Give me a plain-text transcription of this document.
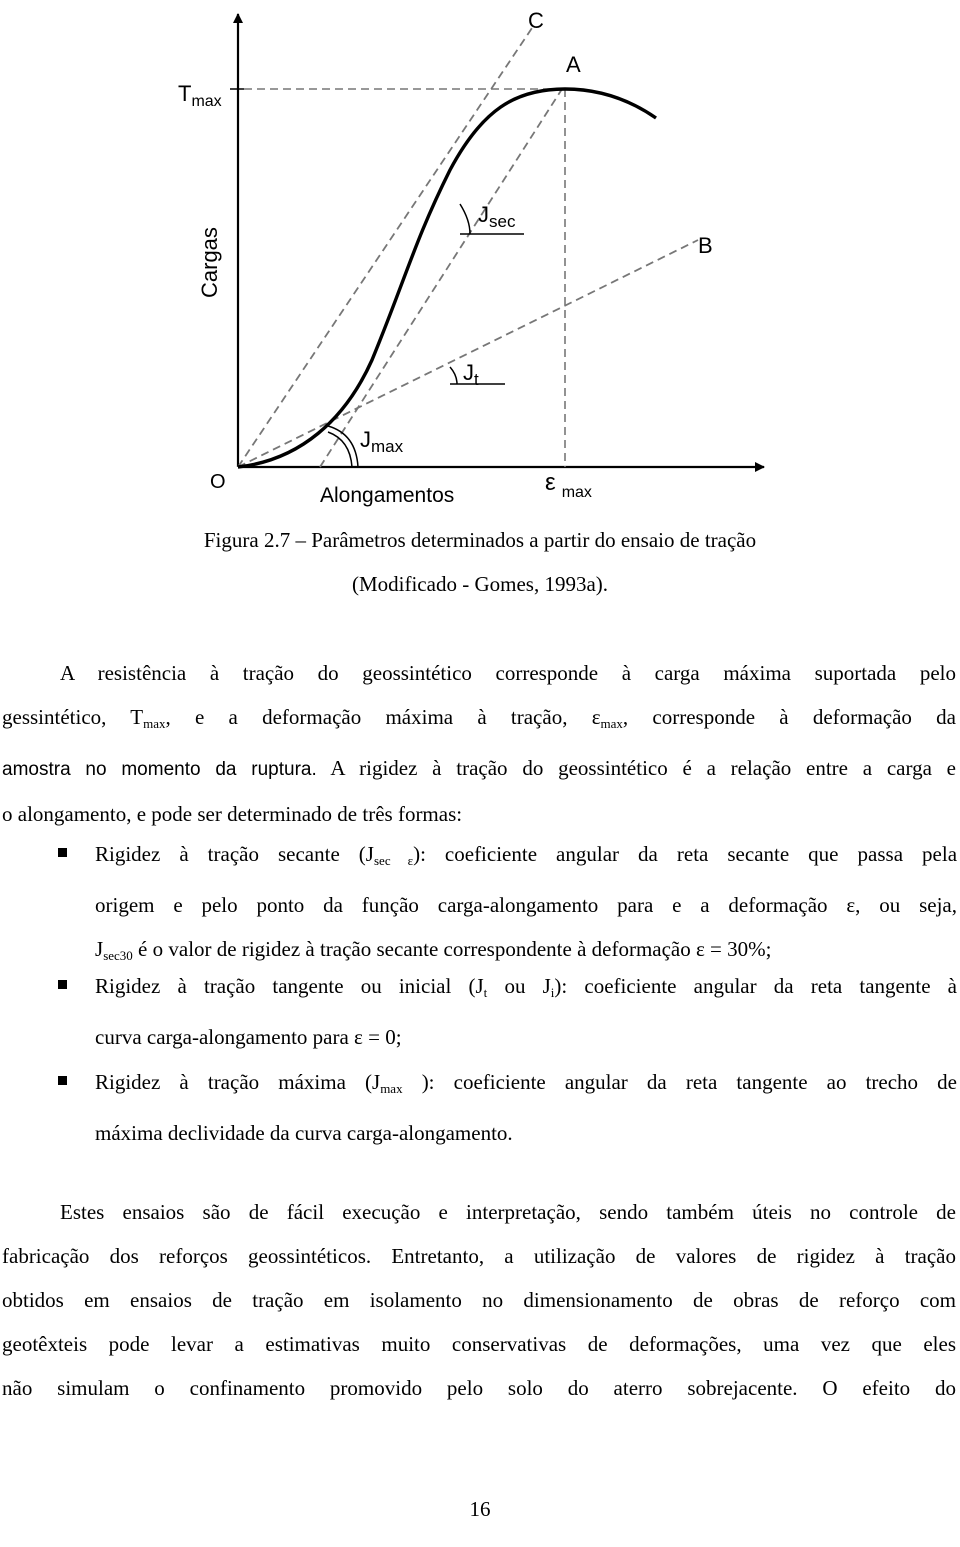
C
A
B
O
$T_{max}$
Cargas
Alongamentos	ε $_{max}$
$J_{sec}$
$J_t$
$J_{max}$
Figura 2.7 – Parâmetros determinados a partir do ensaio de tração
(Modificado - Gomes, 1993a).
A resistência à tração do geossintético corresponde à carga máxima suportada pelo
gessintético, $T_{max}$, e a deformação máxima à tração, $\varepsilon_{max}$, corresponde à deformação da
amostra no momento da ruptura. A rigidez à tração do geossintético é a relação entre a carga e
o alongamento, e pode ser determinado de três formas:
Rigidez à tração secante $(J_{sec \varepsilon})$: coeficiente angular da reta secante que passa pela
origem e pelo ponto da função carga-alongamento para e a deformação ε, ou seja,
$J_{sec30}$ é o valor de rigidez à tração secante correspondente à deformação ε = 30%;
Rigidez à tração tangente ou inicial ($J_t$ ou $J_i$): coeficiente angular da reta tangente à
curva carga-alongamento para ε = 0;
Rigidez à tração máxima ($J_{max}$ ): coeficiente angular da reta tangente ao trecho de
máxima declividade da curva carga-alongamento.
Estes ensaios são de fácil execução e interpretação, sendo também úteis no controle de
fabricação dos reforços geossintéticos. Entretanto, a utilização de valores de rigidez à tração
obtidos em ensaios de tração em isolamento no dimensionamento de obras de reforço com
geotêxteis pode levar a estimativas muito conservativas de deformações, uma vez que eles
não simulam o confinamento promovido pelo solo do aterro sobrejacente. O efeito do
16
